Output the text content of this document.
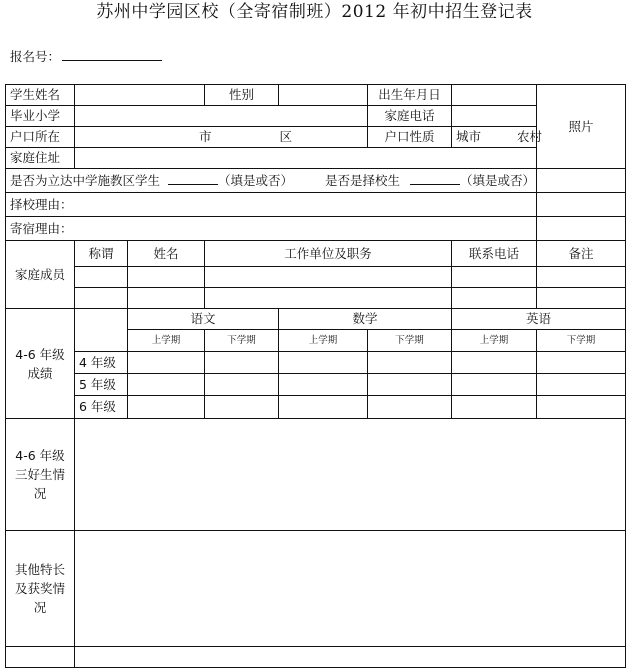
苏州中学园区校（全寄宿制班）2012 年初中招生登记表
报名号：
学生姓名			性别		出生年月日		照片
毕业小学					家庭电话		
户口所在	市 区				户口性质	城市 农村	
家庭住址							
是否为立达中学施教区学生 （填是或否） 是否是择校生 （填是或否）							
择校理由：							
寄宿理由：							
家庭成员	称谓	姓名	工作单位及职务			联系电话	备注

4-6 年级成绩		语文		数学		英语	
		上学期	下学期	上学期	下学期	上学期	下学期
	4 年级						
	5 年级						
	6 年级						
4-6 年级三好生情况							
其他特长及获奖情况							
